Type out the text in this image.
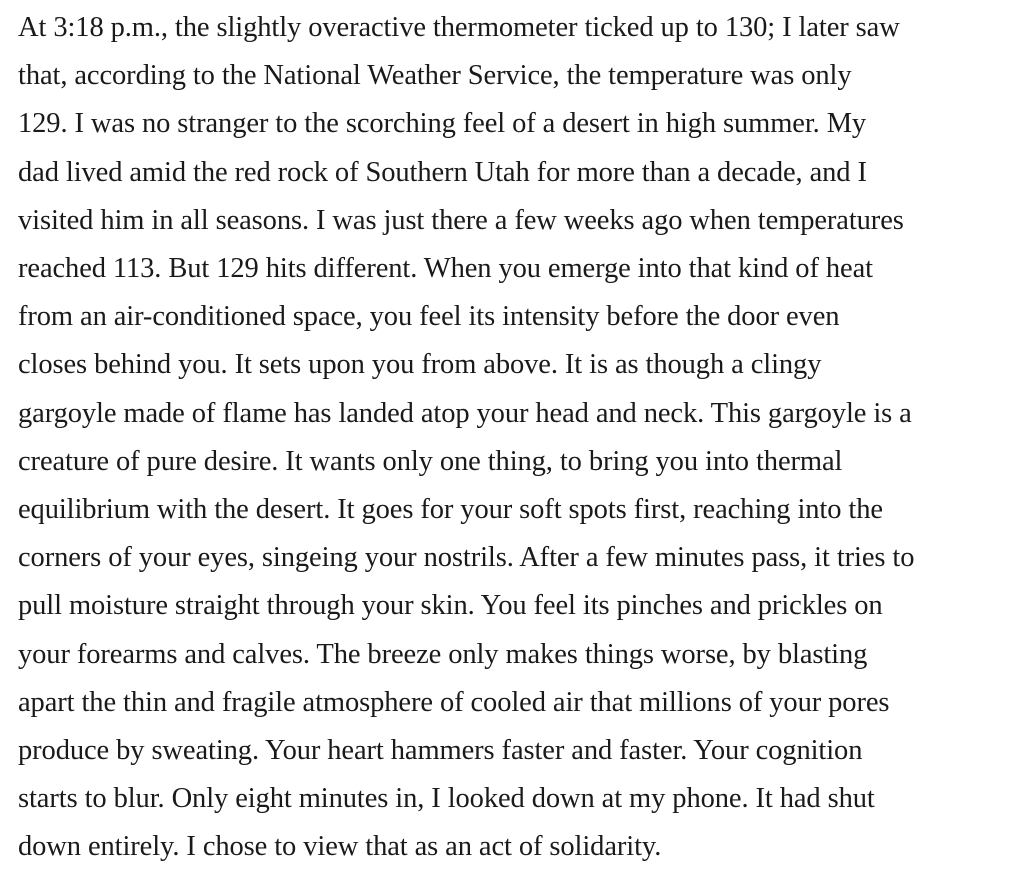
At 3:18 p.m., the slightly overactive thermometer ticked up to 130; I later saw
that, according to the National Weather Service, the temperature was only
129. I was no stranger to the scorching feel of a desert in high summer. My
dad lived amid the red rock of Southern Utah for more than a decade, and I
visited him in all seasons. I was just there a few weeks ago when temperatures
reached 113. But 129 hits different. When you emerge into that kind of heat
from an air-conditioned space, you feel its intensity before the door even
closes behind you. It sets upon you from above. It is as though a clingy
gargoyle made of flame has landed atop your head and neck. This gargoyle is a
creature of pure desire. It wants only one thing, to bring you into thermal
equilibrium with the desert. It goes for your soft spots first, reaching into the
corners of your eyes, singeing your nostrils. After a few minutes pass, it tries to
pull moisture straight through your skin. You feel its pinches and prickles on
your forearms and calves. The breeze only makes things worse, by blasting
apart the thin and fragile atmosphere of cooled air that millions of your pores
produce by sweating. Your heart hammers faster and faster. Your cognition
starts to blur. Only eight minutes in, I looked down at my phone. It had shut
down entirely. I chose to view that as an act of solidarity.
